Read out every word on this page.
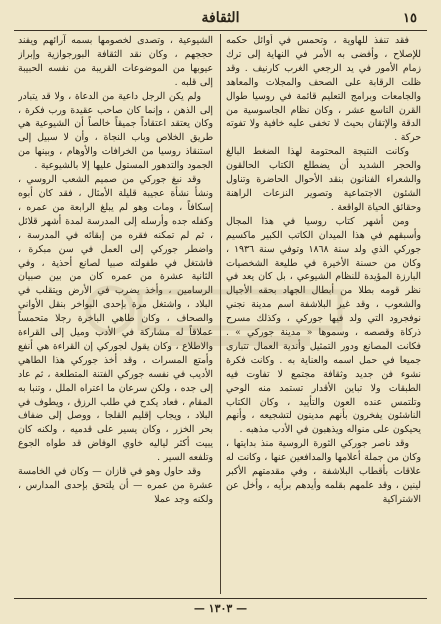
١٥
الثقافة

فقد تنفذ للهاوية ، وتحمس في أوائل حكمه للإصلاح ، وأفضى به الأمر في النهاية إلى ترك زمام الأمور في يد الرجعي الغرب كارنيف . وقد ظلت الرقابة على الصحف والمجلات والمعاهد والجامعات وبرامج التعليم قائمة في روسيا طوال القرن التاسع عشر ، وكان نظام الجاسوسية من الدقة والإتقان بحيث لا تخفى عليه خافية ولا تفوته حركة .

وكانت النتيجة المحتومة لهذا الضغط البالغ والحجر الشديد أن يضطلع الكتاب الحالقون والشعراء الفنانون بنقد الأحوال الحاضرة وتناول الشئون الاجتماعية وتصوير النزعات الراهنة وحقائق الحياة الواقعة .

ومن أشهر كتاب روسيا في هذا المجال وأسبقهم في هذا الميدان الكاتب الكبير ماكسيم جوركي الذي ولد سنة ١٨٦٨ وتوفي سنة ١٩٣٦ ، وكان من حسنة الأخيرة في طليعة الشخصيات البارزة المؤيدة للنظام الشيوعي ، بل كان يعد في نظر قومه بطلا من أبطال الجهاد بحقه الأجيال والشعوب ، وقد غير البلاشفة اسم مدينة نجني نوفجرود التي ولد فيها جوركي ، وكذلك مسرح ذركاة وقصصه ، وسموها « مدينة جوركي » . فكانت المصانع ودور التمثيل وأندية العمال تتبارى جميعا في حمل اسمه والعناية به . وكانت فكرة نشوء فن جديد وثقافة مجتمع لا تفاوت فيه الطبقات ولا تباين الأقدار تستمد منه الوحي وتلتمس عنده العون والتأييد ، وكان الكتاب الناشئون يفخرون بأنهم مدينون لتشجيعه ، وأنهم يحيكون على منواله ويذهبون في الأدب مذهبه .

وقد ناصر جوركي الثورة الروسية منذ بدايتها ، وكان من جملة أعلامها والمدافعين عنها ، وكانت له علاقات بأقطاب البلاشفة ، وفي مقدمتهم الأكبر لينين ، وقد علمهم بقلمه وأيدهم برأيه ، وأخل عن الاشتراكية

الشيوعية ، وتصدى لخصومها بسمه آرائهم ويفند حججهم ، وكان نقد الثقافة البورجوازية وإبراز عيوبها من الموضوعات القريبة من نفسه الحبيبة إلى قلبه .

ولم يكن الرجل داعية من الدعاة ، ولا قد يتبادر إلى الذهن ، وإنما كان صاحب عقيدة ورب فكرة ، وكان يعتقد اعتقاداً جميقاً خالصاً أن الشيوعية هي طريق الخلاص وباب النجاة ، وأن لا سبيل إلى استنقاذ روسيا من الخرافات والأوهام ، وبينها من الجمود والتدهور المستول عليها إلا بالشيوعية .

وقد نبغ جوركي من صميم الشعب الروسي ، ونشأ نشأة عجيبة قليلة الأمثال ، فقد كان أبوه إسكافاً ، ومات وهو لم يبلغ الرابعة من عمره ، وكفله جده وأرسله إلى المدرسة لمدة أشهر قلائل ، ثم لم تمكنه فقره من إبقائه في المدرسة ، واضطر جوركي إلى العمل في سن مبكرة ، فاشتغل في طفولته صبيا لصانع أحذية ، وفي الثانية عشرة من عمره كان من بين صبيان الرسامين ، وأخذ يضرب في الأرض ويتقلب في البلاد ، واشتغل مرة بإحدى البواخر بنقل الأواني والصحاف ، وكان طاهي الباخرة رجلا متحمساً عملاقاً له مشاركة في الأدب وميل إلى القراءة والاطلاع ، وكان يقول لجوركي إن القراءة هي أنفع وأمتع المسرات ، وقد أخذ جوركي هذا الطاهي الأديب في نفسه جوركي الفتنة المتطلعة ، ثم عاد إلى جده ، ولكن سرعان ما اعتراه الملل ، وتنبا به المقام ، فعاد يكدح في طلب الرزق ، ويطوف في البلاد ، ويجاب إقليم القلجا ، ووصل إلى ضفاف بحر الخزر ، وكان يسير على قدميه ، ولكنه كان يبيت أكثر لياليه خاوي الوفاض قد طواه الجوع وتلفعه السير .

وقد حاول وهو في قازان — وكان في الخامسة عشرة من عمره — أن يلتحق بإحدى المدارس ، ولكنه وجد عملا

— ١٣٠٣ —
